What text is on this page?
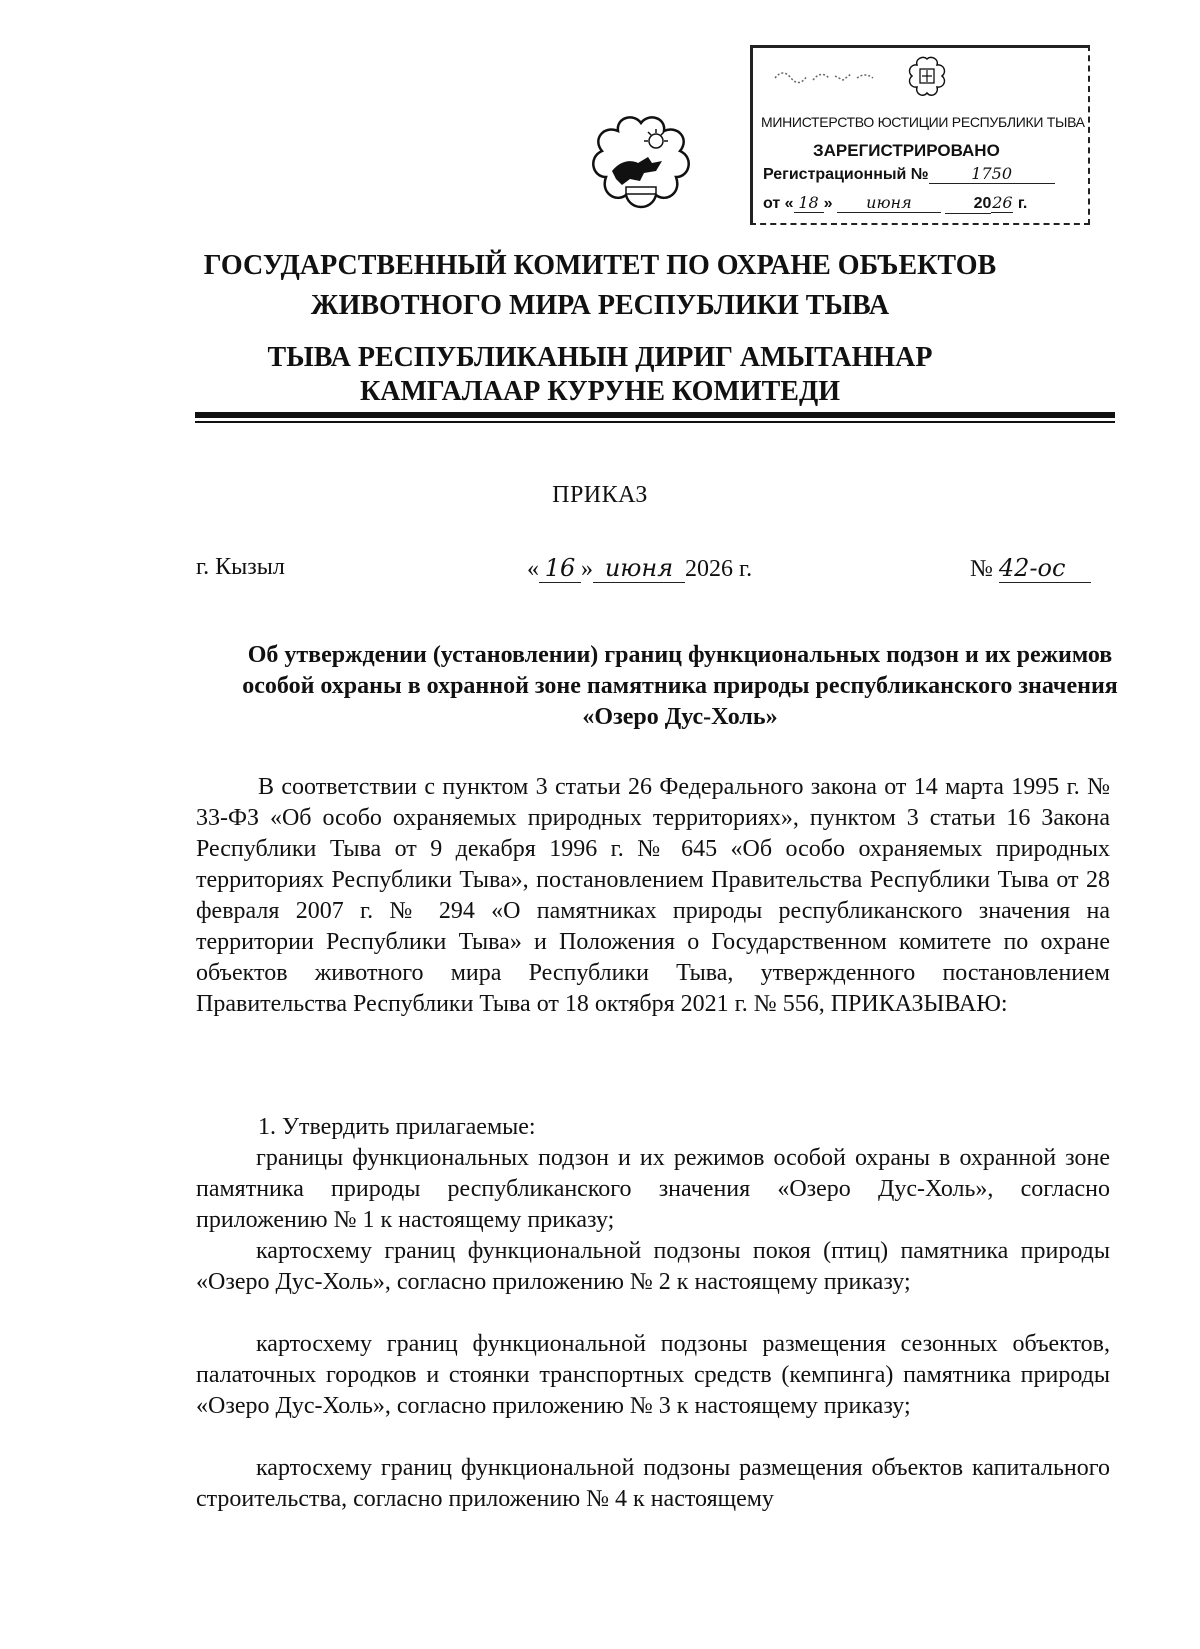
МИНИСТЕРСТВО ЮСТИЦИИ РЕСПУБЛИКИ ТЫВА
ЗАРЕГИСТРИРОВАНО
Регистрационный №	1750
от « 18 » июня	2026 г.
ГОСУДАРСТВЕННЫЙ КОМИТЕТ ПО ОХРАНЕ ОБЪЕКТОВ
ЖИВОТНОГО МИРА РЕСПУБЛИКИ ТЫВА
ТЫВА РЕСПУБЛИКАНЫН ДИРИГ АМЫТАННАР
КАМГАЛААР КУРУНЕ КОМИТЕДИ
ПРИКАЗ
г. Кызыл	« 16 » июня 2026 г.	№ 42-ос
Об утверждении (установлении) границ функциональных подзон и их режимов особой охраны в охранной зоне памятника природы республиканского значения «Озеро Дус-Холь»
В соответствии с пунктом 3 статьи 26 Федерального закона от 14 марта 1995 г. № 33-ФЗ «Об особо охраняемых природных территориях», пунктом 3 статьи 16 Закона Республики Тыва от 9 декабря 1996 г. № 645 «Об особо охраняемых природных территориях Республики Тыва», постановлением Правительства Республики Тыва от 28 февраля 2007 г. № 294 «О памятниках природы республиканского значения на территории Республики Тыва» и Положения о Государственном комитете по охране объектов животного мира Республики Тыва, утвержденного постановлением Правительства Республики Тыва от 18 октября 2021 г. № 556, ПРИКАЗЫВАЮ:
1. Утвердить прилагаемые:
границы функциональных подзон и их режимов особой охраны в охранной зоне памятника природы республиканского значения «Озеро Дус-Холь», согласно приложению № 1 к настоящему приказу;
картосхему границ функциональной подзоны покоя (птиц) памятника природы «Озеро Дус-Холь», согласно приложению № 2 к настоящему приказу;
картосхему границ функциональной подзоны размещения сезонных объектов, палаточных городков и стоянки транспортных средств (кемпинга) памятника природы «Озеро Дус-Холь», согласно приложению № 3 к настоящему приказу;
картосхему границ функциональной подзоны размещения объектов капитального строительства, согласно приложению № 4 к настоящему
